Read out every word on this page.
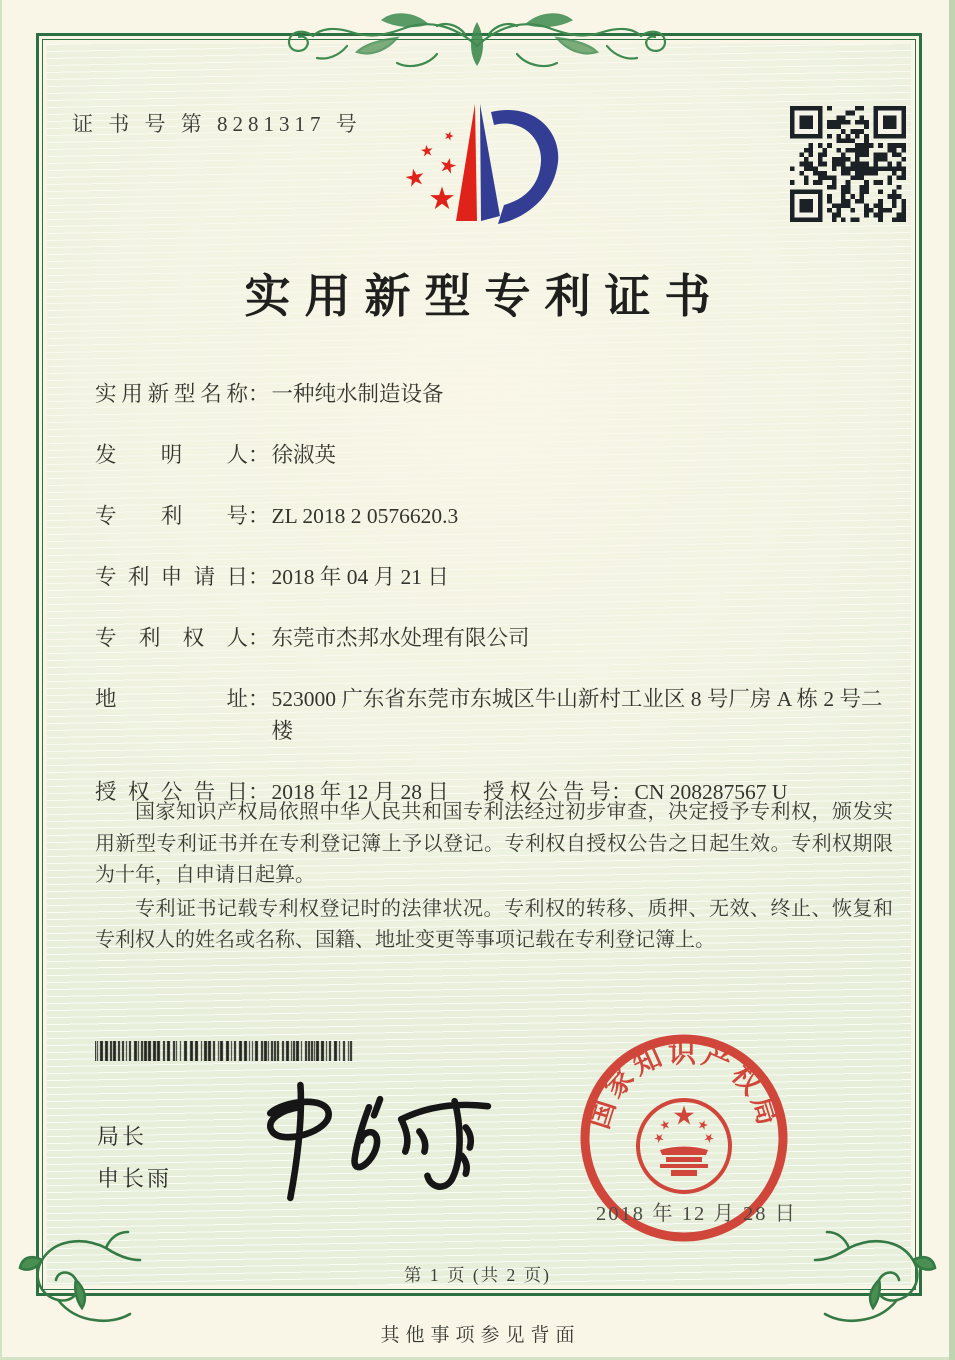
证 书 号 第 8281317 号
实用新型专利证书
实用新型名称 ： 一种纯水制造设备
发明人 ： 徐淑英
专利号 ： ZL 2018 2 0576620.3
专利申请日 ： 2018 年 04 月 21 日
专利权人 ： 东莞市杰邦水处理有限公司
地址 ： 523000 广东省东莞市东城区牛山新村工业区 8 号厂房 A 栋 2 号二楼
授权公告日 ： 2018 年 12 月 28 日	授权公告号 ： CN 208287567 U

国家知识产权局依照中华人民共和国专利法经过初步审查，决定授予专利权，颁发实用新型专利证书并在专利登记簿上予以登记。专利权自授权公告之日起生效。专利权期限为十年，自申请日起算。

专利证书记载专利权登记时的法律状况。专利权的转移、质押、无效、终止、恢复和专利权人的姓名或名称、国籍、地址变更等事项记载在专利登记簿上。

局长
申长雨
国家知识产权局
2018 年 12 月 28 日
第 1 页 (共 2 页)
其他事项参见背面
